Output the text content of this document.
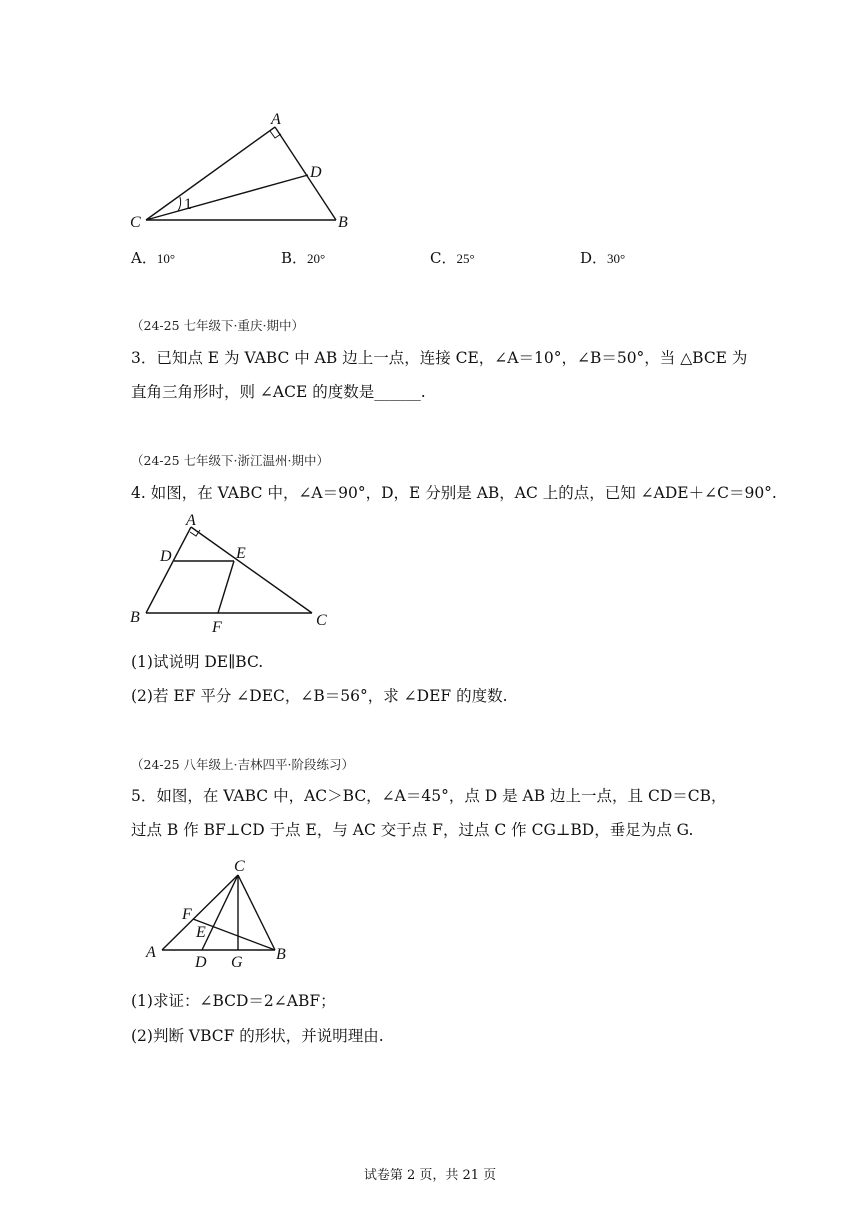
A
D
C	B
1
A．10°	B．20°	C．25°	D．30°
（24-25 七年级下·重庆·期中）
3．已知点 E 为 VABC 中 AB 边上一点，连接 CE，∠A＝10°，∠B＝50°，当 △BCE 为
直角三角形时，则 ∠ACE 的度数是______.
（24-25 七年级下·浙江温州·期中）
4. 如图，在 VABC 中，∠A＝90°，D，E 分别是 AB，AC 上的点，已知 ∠ADE＋∠C＝90°.
A
D	E
B	C
F
(1)试说明 DE∥BC.
(2)若 EF 平分 ∠DEC，∠B＝56°，求 ∠DEF 的度数.
（24-25 八年级上·吉林四平·阶段练习）
5．如图，在 VABC 中，AC＞BC，∠A＝45°，点 D 是 AB 边上一点，且 CD＝CB，
过点 B 作 BF⊥CD 于点 E，与 AC 交于点 F，过点 C 作 CG⊥BD，垂足为点 G.
C
F
E
A	B
D G
(1)求证：∠BCD＝2∠ABF；
(2)判断 VBCF 的形状，并说明理由.
试卷第 2 页，共 21 页
